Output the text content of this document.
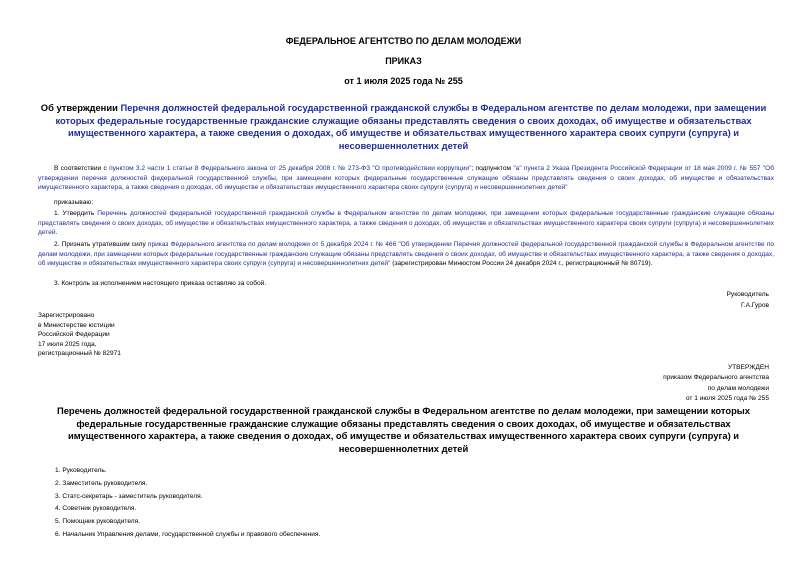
ФЕДЕРАЛЬНОЕ АГЕНТСТВО ПО ДЕЛАМ МОЛОДЕЖИ
ПРИКАЗ
от 1 июля 2025 года № 255
Об утверждении Перечня должностей федеральной государственной гражданской службы в Федеральном агентстве по делам молодежи, при замещении которых федеральные государственные гражданские служащие обязаны представлять сведения о своих доходах, об имуществе и обязательствах имущественного характера, а также сведения о доходах, об имуществе и обязательствах имущественного характера своих супруги (супруга) и несовершеннолетних детей
В соответствии с пунктом 3.2 части 1 статьи 8 Федерального закона от 25 декабря 2008 г. № 273-ФЗ "О противодействии коррупции"; подпунктом "а" пункта 2 Указа Президента Российской Федерации от 18 мая 2009 г. № 557 "Об утверждении перечня должностей федеральной государственной службы, при замещении которых федеральные государственные служащие обязаны представлять сведения о своих доходах, об имуществе и обязательствах имущественного характера, а также сведения о доходах, об имуществе и обязательствах имущественного характера своих супруги (супруга) и несовершеннолетних детей"
приказываю:
1. Утвердить Перечень должностей федеральной государственной гражданской службы в Федеральном агентстве по делам молодежи, при замещении которых федеральные государственные гражданские служащие обязаны представлять сведения о своих доходах, об имуществе и обязательствах имущественного характера, а также сведения о доходах, об имуществе и обязательствах имущественного характера своих супруги (супруга) и несовершеннолетних детей.
2. Признать утратившим силу приказ Федерального агентства по делам молодежи от 5 декабря 2024 г. № 466 "Об утверждении Перечня должностей федеральной государственной гражданской службы в Федеральном агентстве по делам молодежи, при замещении которых федеральные государственные гражданские служащие обязаны представлять сведения о своих доходах, об имуществе и обязательствах имущественного характера, а также сведения о доходах, об имуществе и обязательствах имущественного характера своих супруги (супруга) и несовершеннолетних детей" (зарегистрирован Минюстом России 24 декабря 2024 г., регистрационный № 80719).
3. Контроль за исполнением настоящего приказа оставляю за собой.
Руководитель
Г.А.Гуров
Зарегистрировано
в Министерстве юстиции
Российской Федерации
17 июля 2025 года,
регистрационный № 82971
УТВЕРЖДЕН
приказом Федерального агентства
по делам молодежи
от 1 июля 2025 года № 255
Перечень должностей федеральной государственной гражданской службы в Федеральном агентстве по делам молодежи, при замещении которых федеральные государственные гражданские служащие обязаны представлять сведения о своих доходах, об имуществе и обязательствах имущественного характера, а также сведения о доходах, об имуществе и обязательствах имущественного характера своих супруги (супруга) и несовершеннолетних детей
1. Руководитель.
2. Заместитель руководителя.
3. Статс-секретарь - заместитель руководителя.
4. Советник руководителя.
5. Помощник руководителя.
6. Начальник Управления делами, государственной службы и правового обеспечения.
